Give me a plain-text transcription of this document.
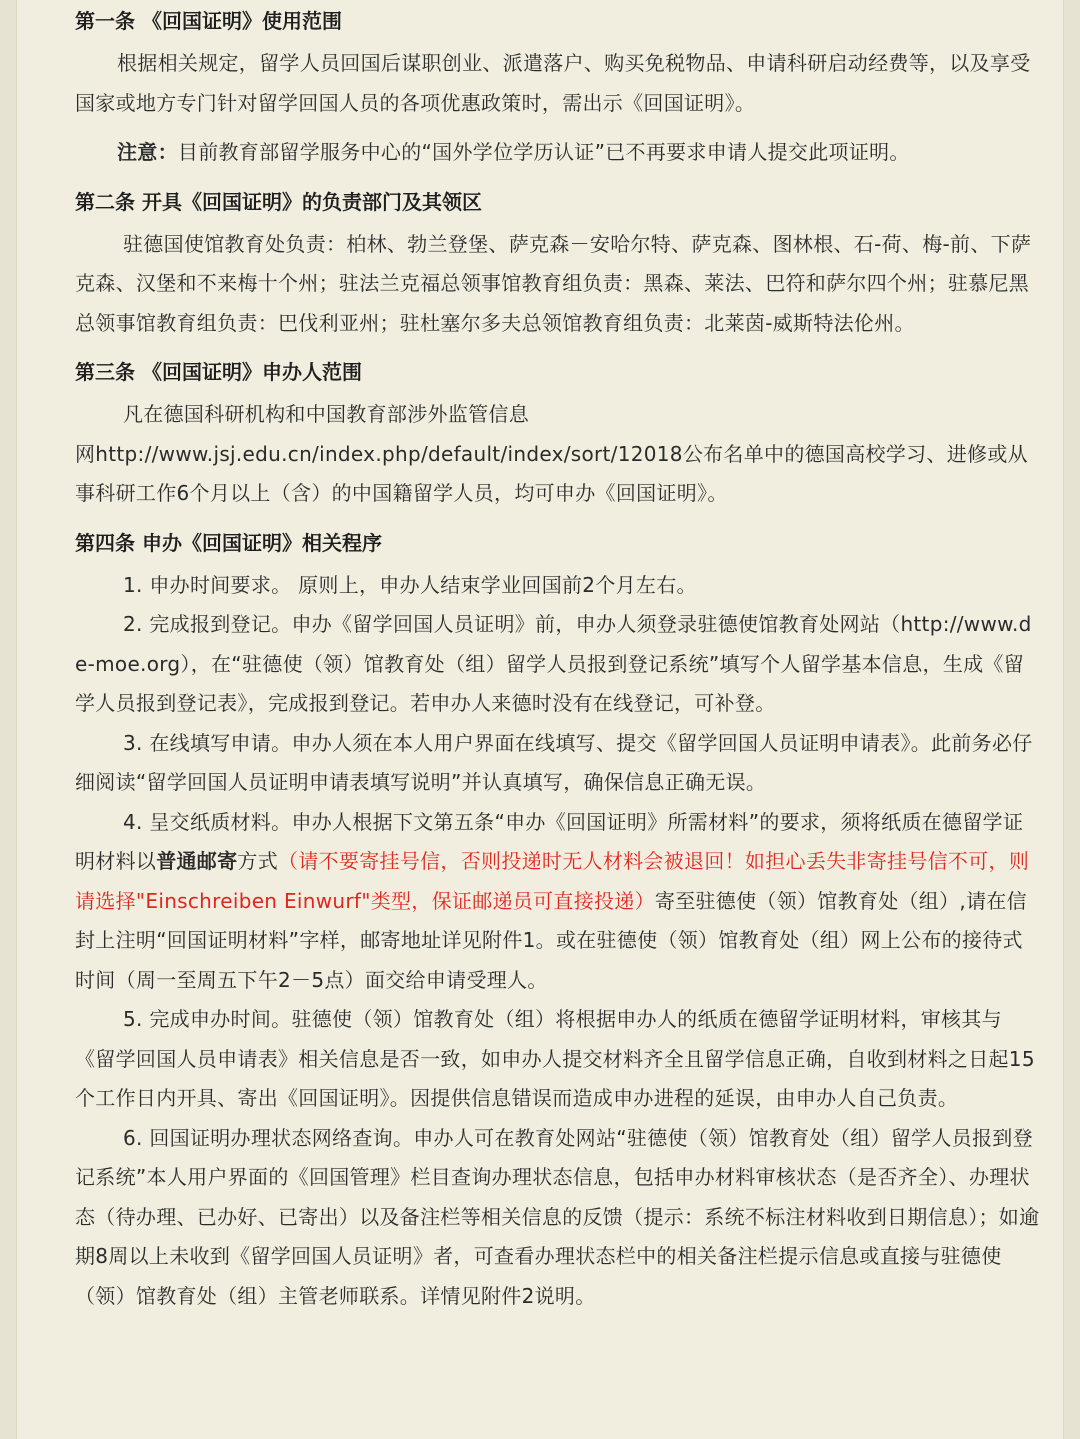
第一条 《回国证明》使用范围

根据相关规定，留学人员回国后谋职创业、派遣落户、购买免税物品、申请科研启动经费等，以及享受国家或地方专门针对留学回国人员的各项优惠政策时，需出示《回国证明》。

注意：目前教育部留学服务中心的“国外学位学历认证”已不再要求申请人提交此项证明。

第二条 开具《回国证明》的负责部门及其领区

驻德国使馆教育处负责：柏林、勃兰登堡、萨克森－安哈尔特、萨克森、图林根、石-荷、梅-前、下萨克森、汉堡和不来梅十个州；驻法兰克福总领事馆教育组负责：黑森、莱法、巴符和萨尔四个州；驻慕尼黑总领事馆教育组负责：巴伐利亚州；驻杜塞尔多夫总领馆教育组负责：北莱茵-威斯特法伦州。

第三条 《回国证明》申办人范围

凡在德国科研机构和中国教育部涉外监管信息

网http://www.jsj.edu.cn/index.php/default/index/sort/12018公布名单中的德国高校学习、进修或从事科研工作6个月以上（含）的中国籍留学人员，均可申办《回国证明》。

第四条 申办《回国证明》相关程序

1. 申办时间要求。 原则上，申办人结束学业回国前2个月左右。

2. 完成报到登记。申办《留学回国人员证明》前，申办人须登录驻德使馆教育处网站（http://www.de-moe.org），在“驻德使（领）馆教育处（组）留学人员报到登记系统”填写个人留学基本信息，生成《留学人员报到登记表》，完成报到登记。若申办人来德时没有在线登记，可补登。

3. 在线填写申请。申办人须在本人用户界面在线填写、提交《留学回国人员证明申请表》。此前务必仔细阅读“留学回国人员证明申请表填写说明”并认真填写，确保信息正确无误。

4. 呈交纸质材料。申办人根据下文第五条“申办《回国证明》所需材料”的要求，须将纸质在德留学证明材料以普通邮寄方式（请不要寄挂号信，否则投递时无人材料会被退回！如担心丢失非寄挂号信不可，则请选择"Einschreiben Einwurf"类型，保证邮递员可直接投递）寄至驻德使（领）馆教育处（组）,请在信封上注明“回国证明材料”字样，邮寄地址详见附件1。或在驻德使（领）馆教育处（组）网上公布的接待式时间（周一至周五下午2－5点）面交给申请受理人。

5. 完成申办时间。驻德使（领）馆教育处（组）将根据申办人的纸质在德留学证明材料，审核其与《留学回国人员申请表》相关信息是否一致，如申办人提交材料齐全且留学信息正确，自收到材料之日起15个工作日内开具、寄出《回国证明》。因提供信息错误而造成申办进程的延误，由申办人自己负责。

6. 回国证明办理状态网络查询。申办人可在教育处网站“驻德使（领）馆教育处（组）留学人员报到登记系统”本人用户界面的《回国管理》栏目查询办理状态信息，包括申办材料审核状态（是否齐全）、办理状态（待办理、已办好、已寄出）以及备注栏等相关信息的反馈（提示：系统不标注材料收到日期信息）；如逾期8周以上未收到《留学回国人员证明》者，可查看办理状态栏中的相关备注栏提示信息或直接与驻德使（领）馆教育处（组）主管老师联系。详情见附件2说明。
